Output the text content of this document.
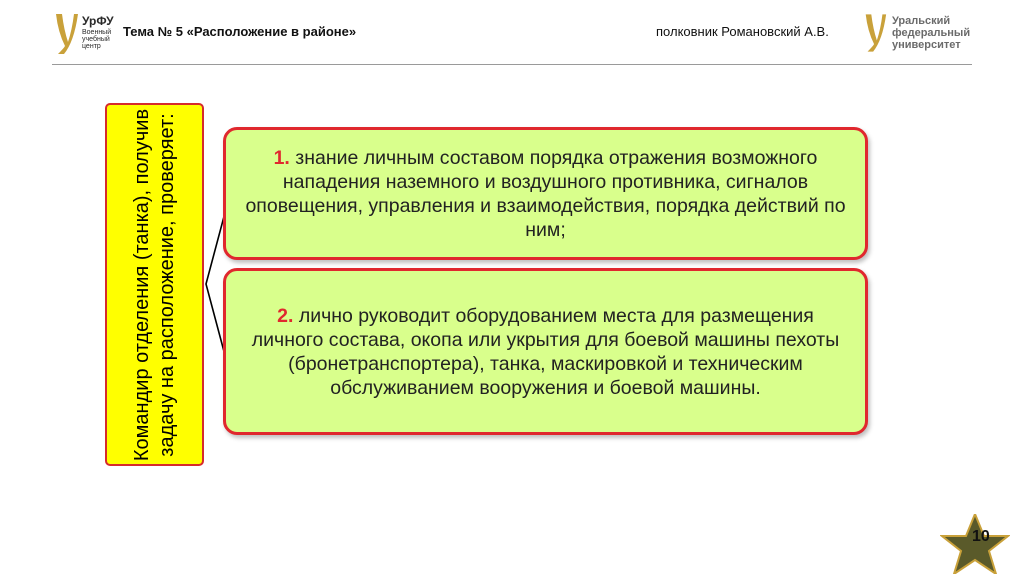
УрФУ
Военный учебный центр
Тема № 5 «Расположение в районе»	полковник Романовский А.В.
Уральский федеральный университет
Командир отделения (танка), получив задачу на расположение, проверяет:	1. знание личным составом порядка отражения возможного нападения наземного и воздушного противника, сигналов оповещения, управления и взаимодействия, порядка действий по ним;

2. лично руководит оборудованием места для размещения личного состава, окопа или укрытия для боевой машины пехоты (бронетранспортера), танка, маскировкой и техническим обслуживанием вооружения и боевой машины.

10
